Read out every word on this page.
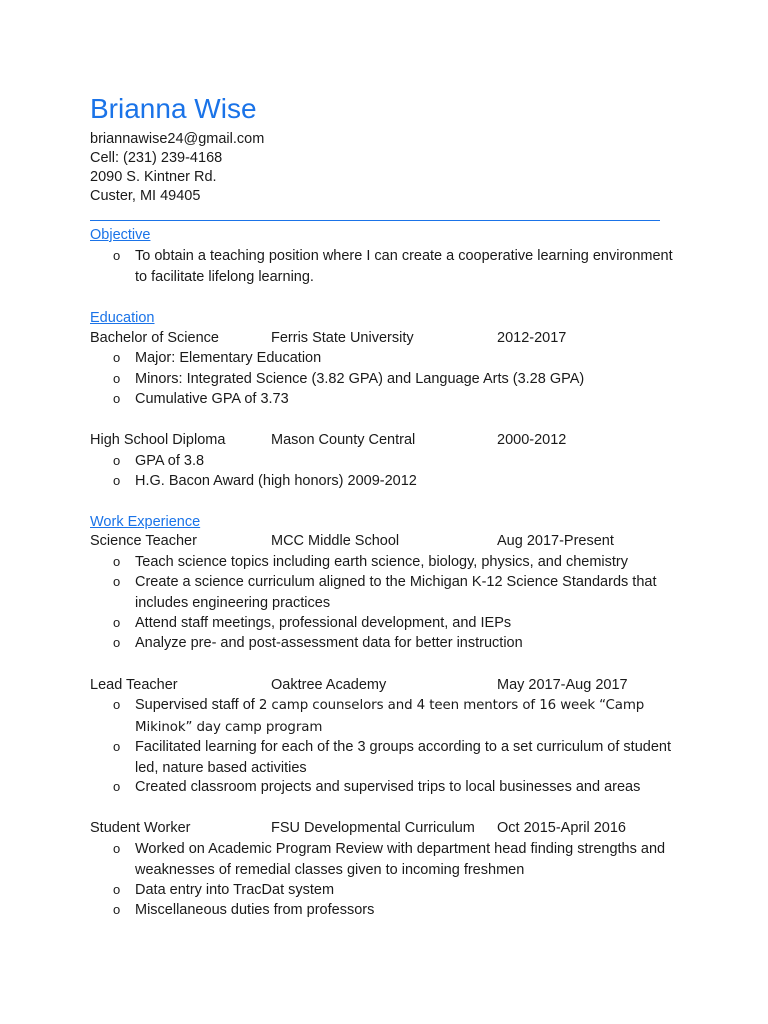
Brianna Wise
briannawise24@gmail.com
Cell: (231) 239-4168
2090 S. Kintner Rd.
Custer, MI 49405
Objective
o	To obtain a teaching position where I can create a cooperative learning environment to facilitate lifelong learning.
Education
Bachelor of Science	Ferris State University	2012-2017
o	Major: Elementary Education
o	Minors: Integrated Science (3.82 GPA) and Language Arts (3.28 GPA)
o	Cumulative GPA of 3.73
High School Diploma	Mason County Central	2000-2012
o	GPA of 3.8
o	H.G. Bacon Award (high honors) 2009-2012
Work Experience
Science Teacher	MCC Middle School	Aug 2017-Present
o	Teach science topics including earth science, biology, physics, and chemistry
o	Create a science curriculum aligned to the Michigan K-12 Science Standards that includes engineering practices
o	Attend staff meetings, professional development, and IEPs
o	Analyze pre- and post-assessment data for better instruction
Lead Teacher	Oaktree Academy	May 2017-Aug 2017
o	Supervised staff of 2 camp counselors and 4 teen mentors of 16 week “Camp Mikinok” day camp program
o	Facilitated learning for each of the 3 groups according to a set curriculum of student led, nature based activities
o	Created classroom projects and supervised trips to local businesses and areas
Student Worker	FSU Developmental Curriculum Oct 2015-April 2016
o	Worked on Academic Program Review with department head finding strengths and weaknesses of remedial classes given to incoming freshmen
o	Data entry into TracDat system
o	Miscellaneous duties from professors
